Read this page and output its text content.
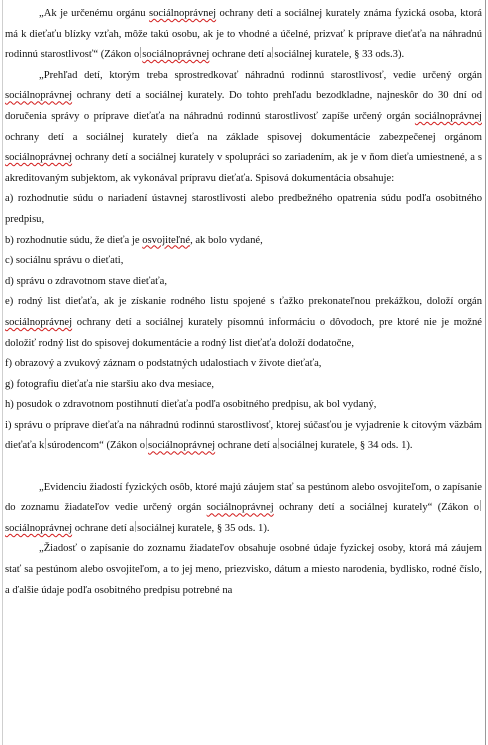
„Ak je určenému orgánu sociálnoprávnej ochrany detí a sociálnej kurately známa fyzická osoba, ktorá má k dieťaťu blízky vzťah, môže takú osobu, ak je to vhodné a účelné, prizvať k príprave dieťaťa na náhradnú rodinnú starostlivosť“ (Zákon o sociálnoprávnej ochrane detí a sociálnej kuratele, § 33 ods.3).

„Prehľad detí, ktorým treba sprostredkovať náhradnú rodinnú starostlivosť, vedie určený orgán sociálnoprávnej ochrany detí a sociálnej kurately. Do tohto prehľadu bezodkladne, najneskôr do 30 dní od doručenia správy o príprave dieťaťa na náhradnú rodinnú starostlivosť zapíše určený orgán sociálnoprávnej ochrany detí a sociálnej kurately dieťa na základe spisovej dokumentácie zabezpečenej orgánom sociálnoprávnej ochrany detí a sociálnej kurately v spolupráci so zariadením, ak je v ňom dieťa umiestnené, a s akreditovaným subjektom, ak vykonával prípravu dieťaťa. Spisová dokumentácia obsahuje:

a) rozhodnutie súdu o nariadení ústavnej starostlivosti alebo predbežného opatrenia súdu podľa osobitného predpisu,

b) rozhodnutie súdu, že dieťa je osvojiteľné, ak bolo vydané,

c) sociálnu správu o dieťati,

d) správu o zdravotnom stave dieťaťa,

e) rodný list dieťaťa, ak je získanie rodného listu spojené s ťažko prekonateľnou prekážkou, doloží orgán sociálnoprávnej ochrany detí a sociálnej kurately písomnú informáciu o dôvodoch, pre ktoré nie je možné doložiť rodný list do spisovej dokumentácie a rodný list dieťaťa doloží dodatočne,

f) obrazový a zvukový záznam o podstatných udalostiach v živote dieťaťa,

g) fotografiu dieťaťa nie staršiu ako dva mesiace,

h) posudok o zdravotnom postihnutí dieťaťa podľa osobitného predpisu, ak bol vydaný,

i) správu o príprave dieťaťa na náhradnú rodinnú starostlivosť, ktorej súčasťou je vyjadrenie k citovým väzbám dieťaťa k súrodencom“ (Zákon o sociálnoprávnej ochrane detí a sociálnej kuratele, § 34 ods. 1).

„Evidenciu žiadostí fyzických osôb, ktoré majú záujem stať sa pestúnom alebo osvojiteľom, o zapísanie do zoznamu žiadateľov vedie určený orgán sociálnoprávnej ochrany detí a sociálnej kurately“ (Zákon osociálnoprávnej ochrane detí a sociálnej kuratele, § 35 ods. 1).

„Žiadosť o zapísanie do zoznamu žiadateľov obsahuje osobné údaje fyzickej osoby, ktorá má záujem stať sa pestúnom alebo osvojiteľom, a to jej meno, priezvisko, dátum a miesto narodenia, bydlisko, rodné číslo, a ďalšie údaje podľa osobitného predpisu potrebné na
